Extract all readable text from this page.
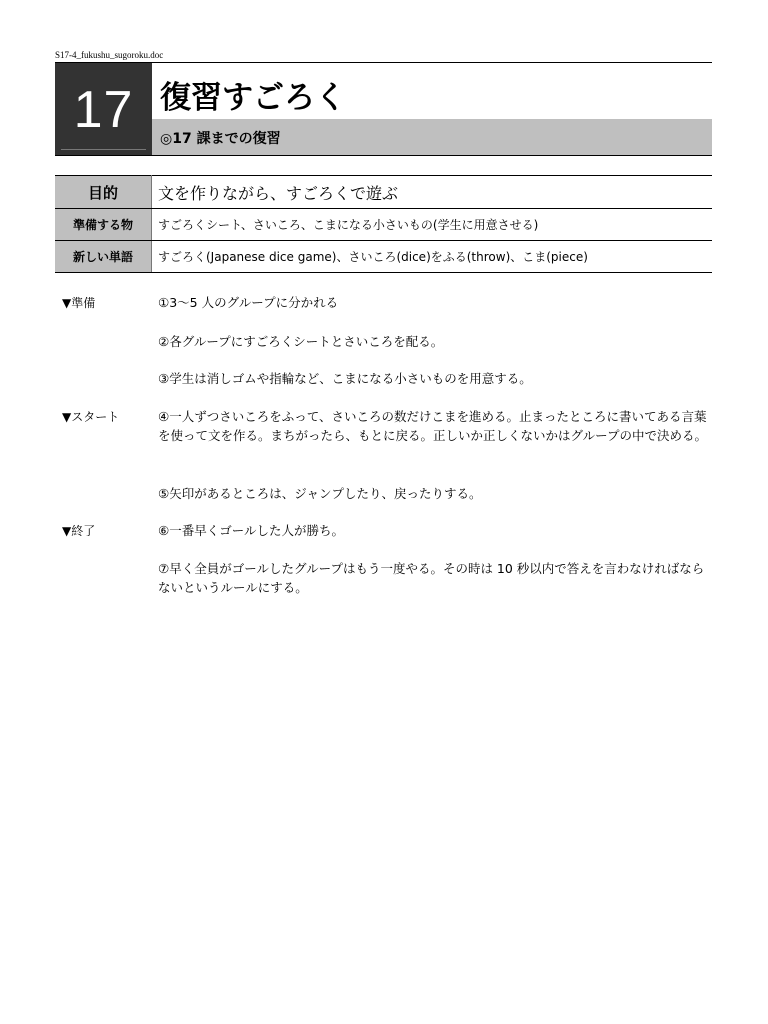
S17-4_fukushu_sugoroku.doc
17 復習すごろく
◎17 課までの復習
目的	文を作りながら、すごろくで遊ぶ
準備する物	すごろくシート、さいころ、こまになる小さいもの(学生に用意させる)
新しい単語	すごろく(Japanese dice game)、さいころ(dice)をふる(throw)、こま(piece)
▼準備	①3～5 人のグループに分かれる
②各グループにすごろくシートとさいころを配る。
③学生は消しゴムや指輪など、こまになる小さいものを用意する。
▼スタート	④一人ずつさいころをふって、さいころの数だけこまを進める。止まったところに書いてある言葉を使って文を作る。まちがったら、もとに戻る。正しいか正しくないかはグループの中で決める。
⑤矢印があるところは、ジャンプしたり、戻ったりする。
▼終了	⑥一番早くゴールした人が勝ち。
⑦早く全員がゴールしたグループはもう一度やる。その時は 10 秒以内で答えを言わなければならないというルールにする。
